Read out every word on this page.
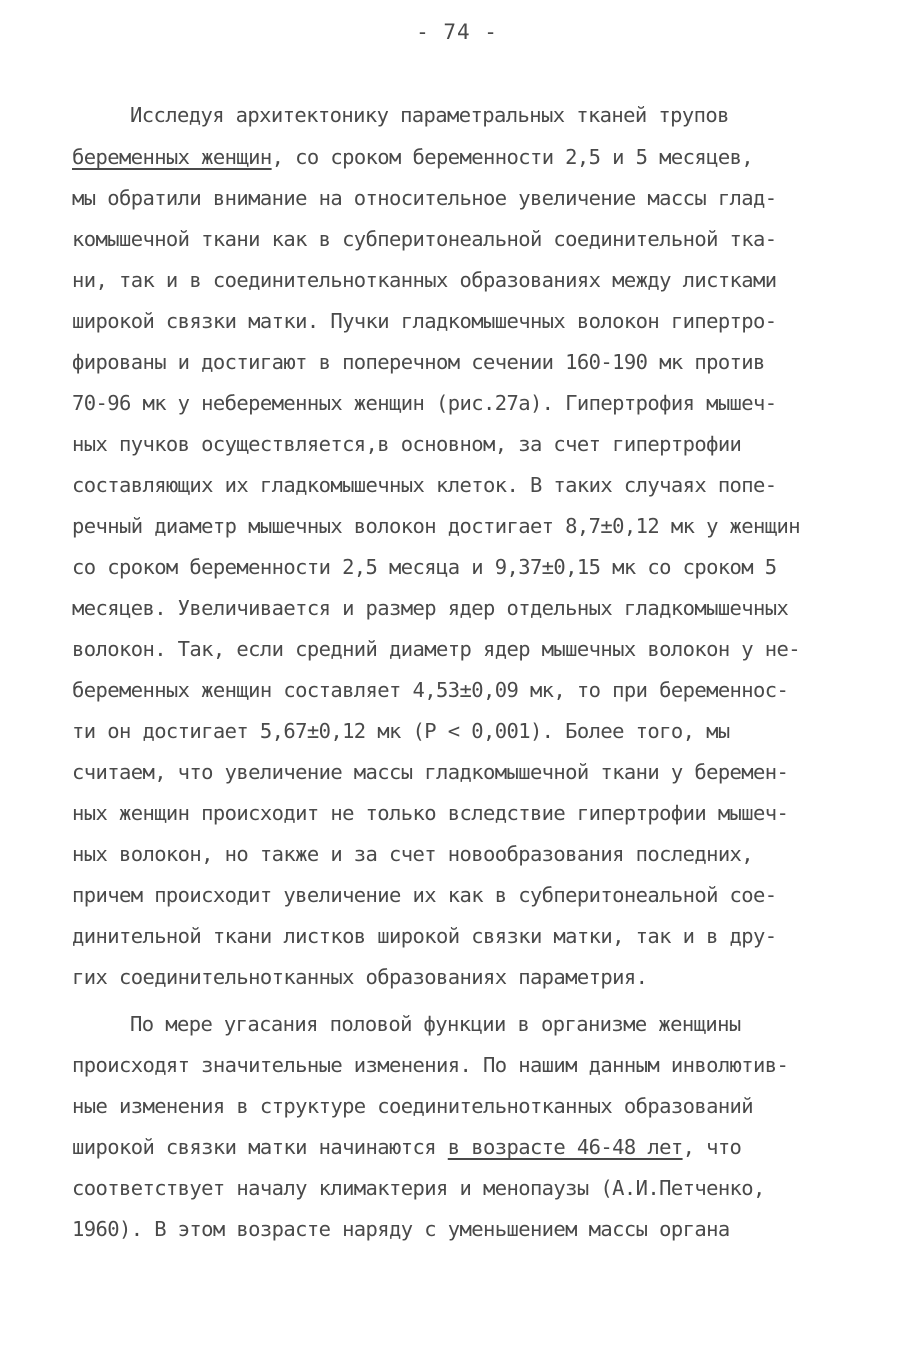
- 74 -
Исследуя архитектонику параметральных тканей трупов
беременных женщин, со сроком беременности 2,5 и 5 месяцев,
мы обратили внимание на относительное увеличение массы глад-
комышечной ткани как в субперитонеальной соединительной тка-
ни, так и в соединительнотканных образованиях между листками
широкой связки матки. Пучки гладкомышечных волокон гипертро-
фированы и достигают в поперечном сечении 160-190 мк против
70-96 мк у небеременных женщин (рис.27а). Гипертрофия мышеч-
ных пучков осуществляется,в основном, за счет гипертрофии
составляющих их гладкомышечных клеток. В таких случаях попе-
речный диаметр мышечных волокон достигает 8,7±0,12 мк у женщин
со сроком беременности 2,5 месяца и 9,37±0,15 мк со сроком 5
месяцев. Увеличивается и размер ядер отдельных гладкомышечных
волокон. Так, если средний диаметр ядер мышечных волокон у не-
беременных женщин составляет 4,53±0,09 мк, то при беременнос-
ти он достигает 5,67±0,12 мк (Р < 0,001). Более того, мы
считаем, что увеличение массы гладкомышечной ткани у беремен-
ных женщин происходит не только вследствие гипертрофии мышеч-
ных волокон, но также и за счет новообразования последних,
причем происходит увеличение их как в субперитонеальной сое-
динительной ткани листков широкой связки матки, так и в дру-
гих соединительнотканных образованиях параметрия.
По мере угасания половой функции в организме женщины
происходят значительные изменения. По нашим данным инволютив-
ные изменения в структуре соединительнотканных образований
широкой связки матки начинаются в возрасте 46-48 лет, что
соответствует началу климактерия и менопаузы (А.И.Петченко,
1960). В этом возрасте наряду с уменьшением массы органа
